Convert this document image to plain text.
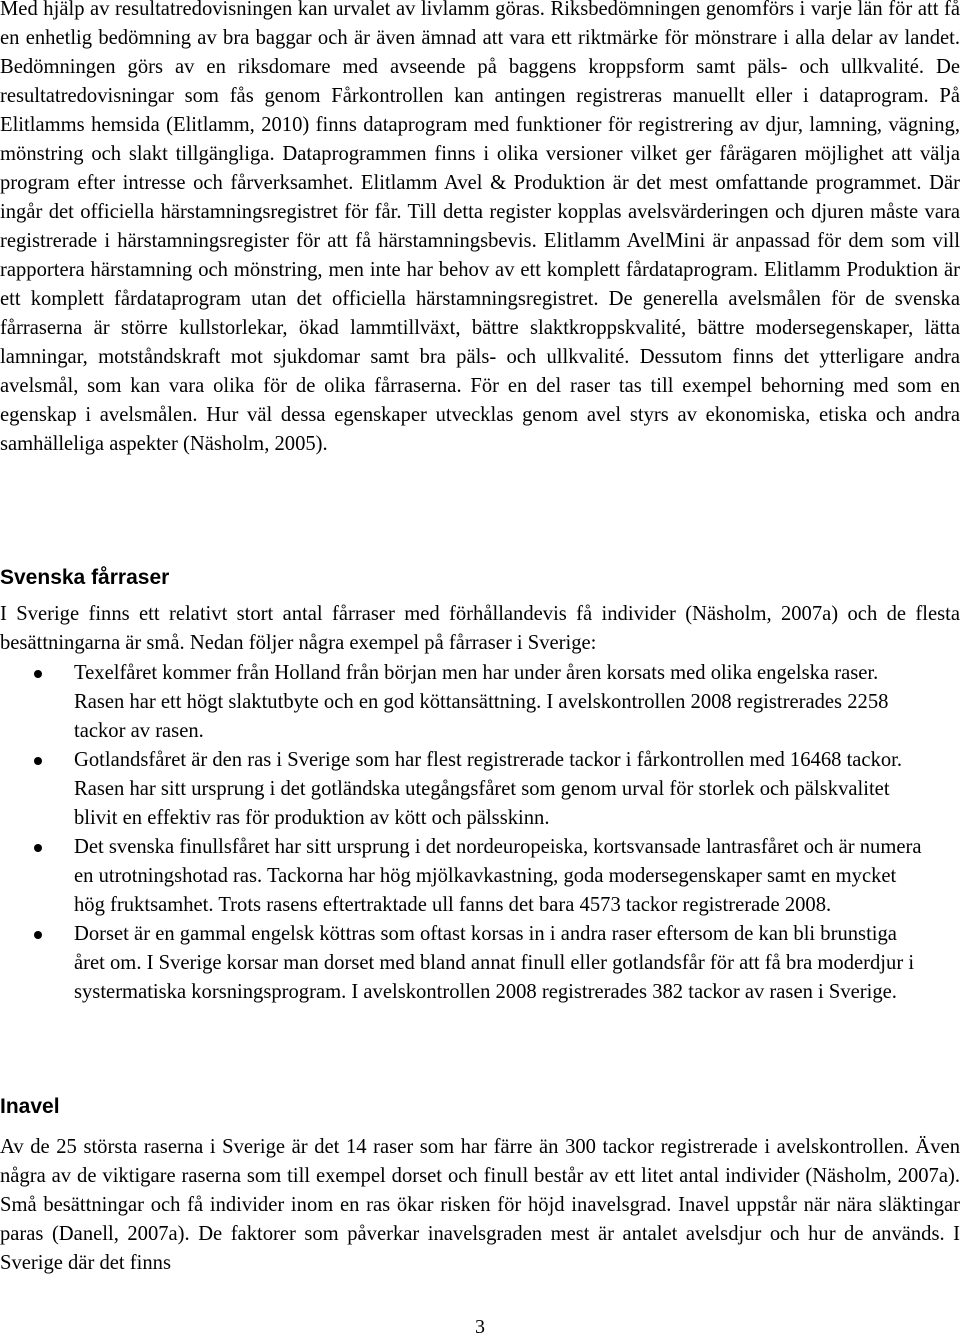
Med hjälp av resultatredovisningen kan urvalet av livlamm göras. Riksbedömningen genomförs i varje län för att få en enhetlig bedömning av bra baggar och är även ämnad att vara ett riktmärke för mönstrare i alla delar av landet. Bedömningen görs av en riksdomare med avseende på baggens kroppsform samt päls- och ullkvalité. De resultatredovisningar som fås genom Fårkontrollen kan antingen registreras manuellt eller i dataprogram. På Elitlamms hemsida (Elitlamm, 2010) finns dataprogram med funktioner för registrering av djur, lamning, vägning, mönstring och slakt tillgängliga. Dataprogrammen finns i olika versioner vilket ger fårägaren möjlighet att välja program efter intresse och fårverksamhet. Elitlamm Avel & Produktion är det mest omfattande programmet. Där ingår det officiella härstamningsregistret för får. Till detta register kopplas avelsvärderingen och djuren måste vara registrerade i härstamningsregister för att få härstamningsbevis. Elitlamm AvelMini är anpassad för dem som vill rapportera härstamning och mönstring, men inte har behov av ett komplett fårdataprogram. Elitlamm Produktion är ett komplett fårdataprogram utan det officiella härstamningsregistret. De generella avelsmålen för de svenska fårraserna är större kullstorlekar, ökad lammtillväxt, bättre slaktkroppskvalité, bättre modersegenskaper, lätta lamningar, motståndskraft mot sjukdomar samt bra päls- och ullkvalité. Dessutom finns det ytterligare andra avelsmål, som kan vara olika för de olika fårraserna. För en del raser tas till exempel behorning med som en egenskap i avelsmålen. Hur väl dessa egenskaper utvecklas genom avel styrs av ekonomiska, etiska och andra samhälleliga aspekter (Näsholm, 2005).

Svenska fårraser

I Sverige finns ett relativt stort antal fårraser med förhållandevis få individer (Näsholm, 2007a) och de flesta besättningarna är små. Nedan följer några exempel på fårraser i Sverige:

Texelfåret kommer från Holland från början men har under åren korsats med olika engelska raser. Rasen har ett högt slaktutbyte och en god köttansättning. I avelskontrollen 2008 registrerades 2258 tackor av rasen.
Gotlandsfåret är den ras i Sverige som har flest registrerade tackor i fårkontrollen med 16468 tackor. Rasen har sitt ursprung i det gotländska utegångsfåret som genom urval för storlek och pälskvalitet blivit en effektiv ras för produktion av kött och pälsskinn.
Det svenska finullsfåret har sitt ursprung i det nordeuropeiska, kortsvansade lantrasfåret och är numera en utrotningshotad ras. Tackorna har hög mjölkavkastning, goda modersegenskaper samt en mycket hög fruktsamhet. Trots rasens eftertraktade ull fanns det bara 4573 tackor registrerade 2008.
Dorset är en gammal engelsk köttras som oftast korsas in i andra raser eftersom de kan bli brunstiga året om. I Sverige korsar man dorset med bland annat finull eller gotlandsfår för att få bra moderdjur i systermatiska korsningsprogram. I avelskontrollen 2008 registrerades 382 tackor av rasen i Sverige.
Inavel

Av de 25 största raserna i Sverige är det 14 raser som har färre än 300 tackor registrerade i avelskontrollen. Även några av de viktigare raserna som till exempel dorset och finull består av ett litet antal individer (Näsholm, 2007a). Små besättningar och få individer inom en ras ökar risken för höjd inavelsgrad. Inavel uppstår när nära släktingar paras (Danell, 2007a). De faktorer som påverkar inavelsgraden mest är antalet avelsdjur och hur de används. I Sverige där det finns

3
